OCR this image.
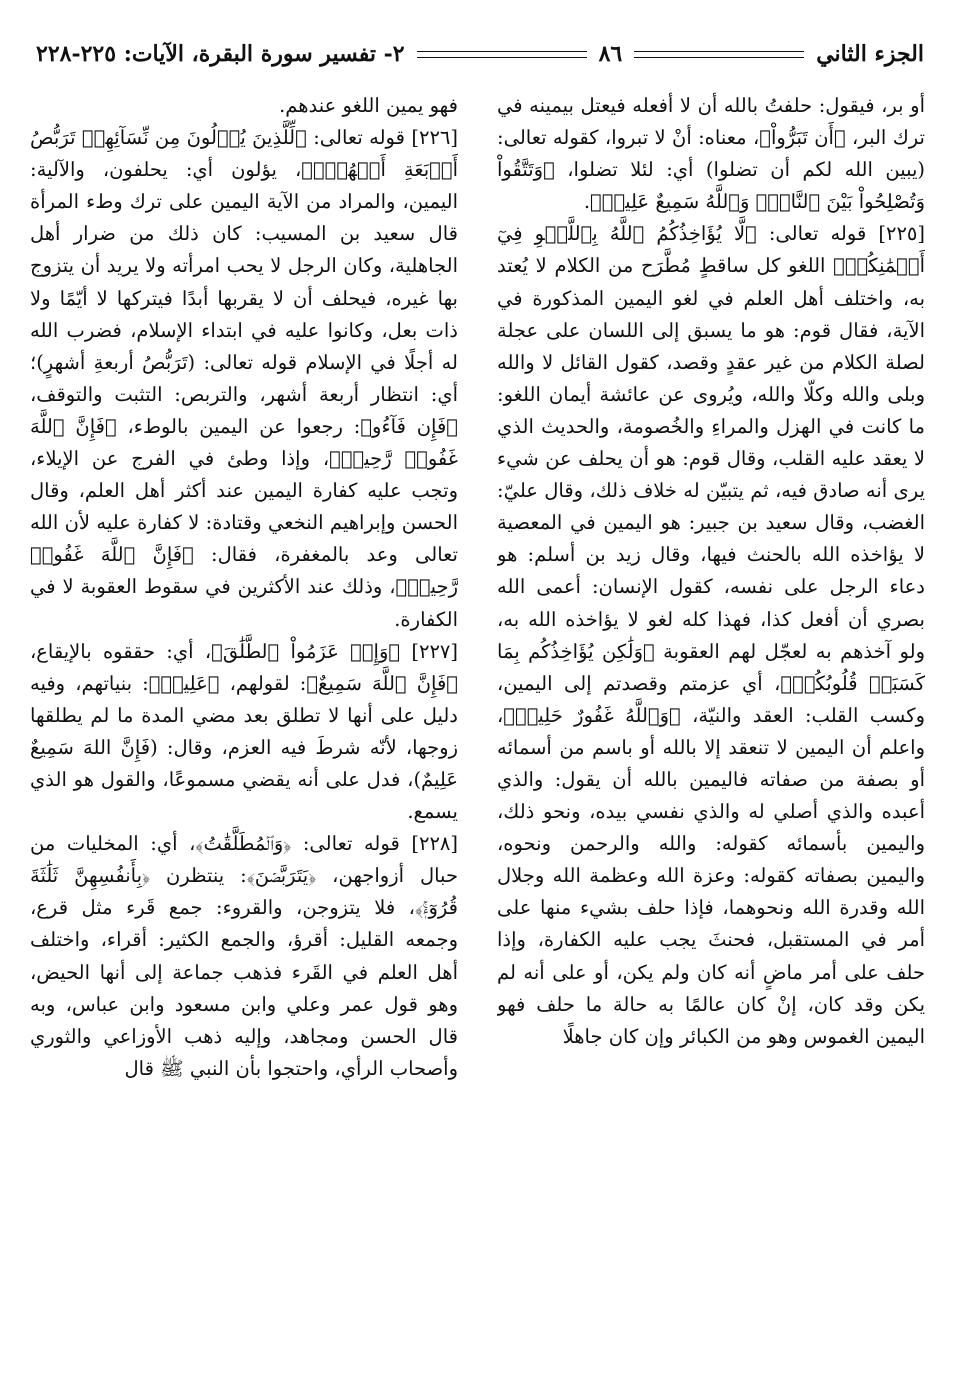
الجزء الثاني
٨٦
٢- تفسير سورة البقرة، الآيات: ٢٢٥-٢٢٨

أو بر، فيقول: حلفتُ بالله أن لا أفعله فيعتل بيمينه في ترك البر، ﴿أَن تَبَرُّواْ﴾، معناه: أنْ لا تبروا، كقوله تعالى: (يبين الله لكم أن تضلوا) أي: لئلا تضلوا، ﴿وَتَتَّقُواْ وَتُصْلِحُواْ بَيْنَ ٱلنَّاسِۚ وَٱللَّهُ سَمِيعٌ عَلِيمٞ﴾.

[٢٢٥] قوله تعالى: ﴿لَّا يُؤَاخِذُكُمُ ٱللَّهُ بِٱللَّغۡوِ فِيٓ أَيۡمَٰنِكُمۡ﴾ اللغو كل ساقطٍ مُطَّرَح من الكلام لا يُعتد به، واختلف أهل العلم في لغو اليمين المذكورة في الآية، فقال قوم: هو ما يسبق إلى اللسان على عجلة لصلة الكلام من غير عقدٍ وقصد، كقول القائل لا والله وبلى والله وكلّا والله، ويُروى عن عائشة أيمان اللغو: ما كانت في الهزل والمراءِ والخُصومة، والحديث الذي لا يعقد عليه القلب، وقال قوم: هو أن يحلف عن شيء يرى أنه صادق فيه، ثم يتبيّن له خلاف ذلك، وقال عليّ: الغضب، وقال سعيد بن جبير: هو اليمين في المعصية لا يؤاخذه الله بالحنث فيها، وقال زيد بن أسلم: هو دعاء الرجل على نفسه، كقول الإنسان: أعمى الله بصري أن أفعل كذا، فهذا كله لغو لا يؤاخذه الله به، ولو آخذهم به لعجّل لهم العقوبة ﴿وَلَٰكِن يُؤَاخِذُكُم بِمَا كَسَبَتۡ قُلُوبُكُمۡ﴾، أي عزمتم وقصدتم إلى اليمين، وكسب القلب: العقد والنيّة، ﴿وَٱللَّهُ غَفُورٌ حَلِيمٞ﴾، واعلم أن اليمين لا تنعقد إلا بالله أو باسم من أسمائه أو بصفة من صفاته فاليمين بالله أن يقول: والذي أعبده والذي أصلي له والذي نفسي بيده، ونحو ذلك، واليمين بأسمائه كقوله: والله والرحمن ونحوه، واليمين بصفاته كقوله: وعزة الله وعظمة الله وجلال الله وقدرة الله ونحوهما، فإذا حلف بشيء منها على أمر في المستقبل، فحنثَ يجب عليه الكفارة، وإذا حلف على أمر ماضٍ أنه كان ولم يكن، أو على أنه لم يكن وقد كان، إنْ كان عالمًا به حالة ما حلف فهو اليمين الغموس وهو من الكبائر وإن كان جاهلًا

فهو يمين اللغو عندهم.

[٢٢٦] قوله تعالى: ﴿لِّلَّذِينَ يُؤۡلُونَ مِن نِّسَآئِهِمۡ تَرَبُّصُ أَرۡبَعَةِ أَشۡهُرٖۖ﴾، يؤلون أي: يحلفون، والآلية: اليمين، والمراد من الآية اليمين على ترك وطء المرأة قال سعيد بن المسيب: كان ذلك من ضرار أهل الجاهلية، وكان الرجل لا يحب امرأته ولا يريد أن يتزوج بها غيره، فيحلف أن لا يقربها أبدًا فيتركها لا أيّمًا ولا ذات بعل، وكانوا عليه في ابتداء الإسلام، فضرب الله له أجلًا في الإسلام قوله تعالى: (تَرَبُّصُ أربعةِ أشهرٍ)؛ أي: انتظار أربعة أشهر، والتربص: التثبت والتوقف، ﴿فَإِن فَآءُو﴾: رجعوا عن اليمين بالوطء، ﴿فَإِنَّ ٱللَّهَ غَفُورٞ رَّحِيمٞ﴾، وإذا وطئ في الفرج عن الإيلاء، وتجب عليه كفارة اليمين عند أكثر أهل العلم، وقال الحسن وإبراهيم النخعي وقتادة: لا كفارة عليه لأن الله تعالى وعد بالمغفرة، فقال: ﴿فَإِنَّ ٱللَّهَ غَفُورٞ رَّحِيمٞ﴾، وذلك عند الأكثرين في سقوط العقوبة لا في الكفارة.

[٢٢٧] ﴿وَإِنۡ عَزَمُواْ ٱلطَّلَٰقَ﴾، أي: حققوه بالإيقاع، ﴿فَإِنَّ ٱللَّهَ سَمِيعٌ﴾: لقولهم، ﴿عَلِيمٞ﴾: بنياتهم، وفيه دليل على أنها لا تطلق بعد مضي المدة ما لم يطلقها زوجها، لأنّه شرطَ فيه العزم، وقال: (فَإِنَّ اللهَ سَمِيعٌ عَلِيمٌ)، فدل على أنه يقضي مسموعًا، والقول هو الذي يسمع.

[٢٢٨] قوله تعالى: ﴿وَٱلۡمُطَلَّقَٰتُ﴾، أي: المخليات من حبال أزواجهن، ﴿يَتَرَبَّصۡنَ﴾: ينتظرن ﴿بِأَنفُسِهِنَّ ثَلَٰثَةَ قُرُوٓءٖۚ﴾، فلا يتزوجن، والقروء: جمع قَرء مثل قرع، وجمعه القليل: أقرؤ، والجمع الكثير: أقراء، واختلف أهل العلم في القَرء فذهب جماعة إلى أنها الحيض، وهو قول عمر وعلي وابن مسعود وابن عباس، وبه قال الحسن ومجاهد، وإليه ذهب الأوزاعي والثوري وأصحاب الرأي، واحتجوا بأن النبي ﷺ قال
